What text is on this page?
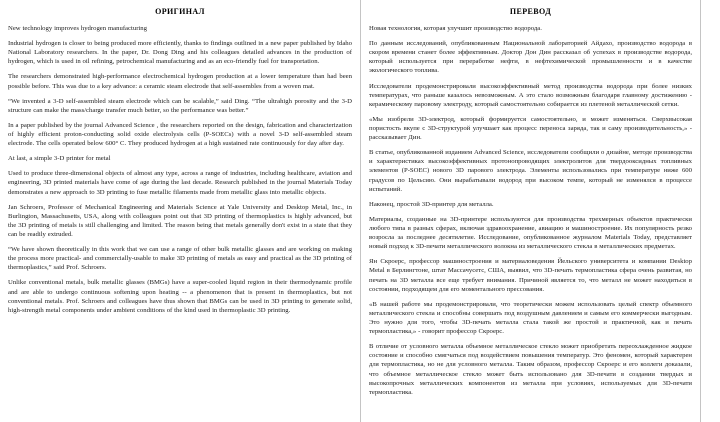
ОРИГИНАЛ

New technology improves hydrogen manufacturing

Industrial hydrogen is closer to being produced more efficiently, thanks to findings outlined in a new paper published by Idaho National Laboratory researchers. In the paper, Dr. Dong Ding and his colleagues detailed advances in the production of hydrogen, which is used in oil refining, petrochemical manufacturing and as an eco-friendly fuel for transportation.

The researchers demonstrated high-performance electrochemical hydrogen production at a lower temperature than had been possible before. This was due to a key advance: a ceramic steam electrode that self-assembles from a woven mat.

“We invented a 3-D self-assembled steam electrode which can be scalable,” said Ding. “The ultrahigh porosity and the 3-D structure can make the mass/charge transfer much better, so the performance was better.”

In a paper published by the journal Advanced Science , the researchers reported on the design, fabrication and characterization of highly efficient proton-conducting solid oxide electrolysis cells (P-SOECs) with a novel 3-D self-assembled steam electrode. The cells operated below 600° C. They produced hydrogen at a high sustained rate continuously for day after day.

At last, a simple 3-D printer for metal

Used to produce three-dimensional objects of almost any type, across a range of industries, including healthcare, aviation and engineering, 3D printed materials have come of age during the last decade. Research published in the journal Materials Today demonstrates a new approach to 3D printing to fuse metallic filaments made from metallic glass into metallic objects.

Jan Schroers, Professor of Mechanical Engineering and Materials Science at Yale University and Desktop Metal, Inc., in Burlington, Massachusetts, USA, along with colleagues point out that 3D printing of thermoplastics is highly advanced, but the 3D printing of metals is still challenging and limited. The reason being that metals generally don't exist in a state that they can be readily extruded.

“We have shown theoretically in this work that we can use a range of other bulk metallic glasses and are working on making the process more practical- and commercially-usable to make 3D printing of metals as easy and practical as the 3D printing of thermoplastics,” said Prof. Schroers.

Unlike conventional metals, bulk metallic glasses (BMGs) have a super-cooled liquid region in their thermodynamic profile and are able to undergo continuous softening upon heating -- a phenomenon that is present in thermoplastics, but not conventional metals. Prof. Schroers and colleagues have thus shown that BMGs can be used in 3D printing to generate solid, high-strength metal components under ambient conditions of the kind used in thermoplastic 3D printing.

ПЕРЕВОД

Новая технология, которая улучшит производство водорода.

По данным исследований, опубликованным Национальной лабораторией Айдахо, производство водорода в скором времени станет более эффективным. Доктор Дон Дин рассказал об успехах в производстве водорода, который используется при переработке нефти, в нефтехимической промышленности и в качестве экологического топлива.

Исследователи продемонстрировали высокоэффективный метод производства водорода при более низких температурах, что раньше казалось невозможным. А это стало возможным благодаря главному достижению - керамическому паровому электроду, который самостоятельно собирается из плетеной металлической сетки.

«Мы изобрели 3D-электрод, который формируется самостоятельно, и может изменяться. Сверхвысокая пористость вкупе с 3D-структурой улучшает как процесс переноса заряда, так и саму производительность,» - рассказывает Дин.

В статье, опубликованной изданием Advanced Science, исследователи сообщили о дизайне, методе производства и характеристиках высокоэффективных протонопроводящих электролитов для твердооксидных топливных элементов (P-SOEC) нового 3D парового электрода. Элементы использовались при температуре ниже 600 градусов по Цельсию. Они вырабатывали водород при высоком темпе, который не изменялся в процессе испытаний.

Наконец, простой 3D-принтер для металла.

Материалы, созданные на 3D-принтере используются для производства трехмерных объектов практически любого типа в разных сферах, включая здравоохранение, авиацию и машиностроение. Их популярность резко возросла за последнее десятилетие. Исследование, опубликованное журналом Materials Today, представляет новый подход к 3D-печати металлического волокна из металлического стекла в металлических предметах.

Ян Скроерс, профессор машиностроения и материаловедения Йельского университета и компании Desktop Metal в Берлингтоне, штат Массачусетс, США, выявил, что 3D-печать термопластика сфера очень развитая, но печать на 3D металла все еще требует внимания. Причиной является то, что металл не может находиться в состоянии, подходящем для его моментального прессования.

«В нашей работе мы продемонстрировали, что теоретически можем использовать целый спектр объемного металлического стекла и способны совершать под воздушным давлением и самым его коммерчески выгодным. Это нужно для того, чтобы 3D-печать металла стала такой же простой и практичной, как и печать термопластика,» - говорит профессор Скроерс.

В отличие от условного металла объемное металлическое стекло может приобретать переохлажденное жидкое состояние и способно смягчаться под воздействием повышения температур. Это феномен, который характерен для термопластика, но не для условного металла. Таким образом, профессор Скроерс и его коллеги доказали, что объемное металлическое стекло может быть использовано для 3D-печати в создании твердых и высокопрочных металлических компонентов из металла при условиях, используемых для 3D-печати термопластика.
